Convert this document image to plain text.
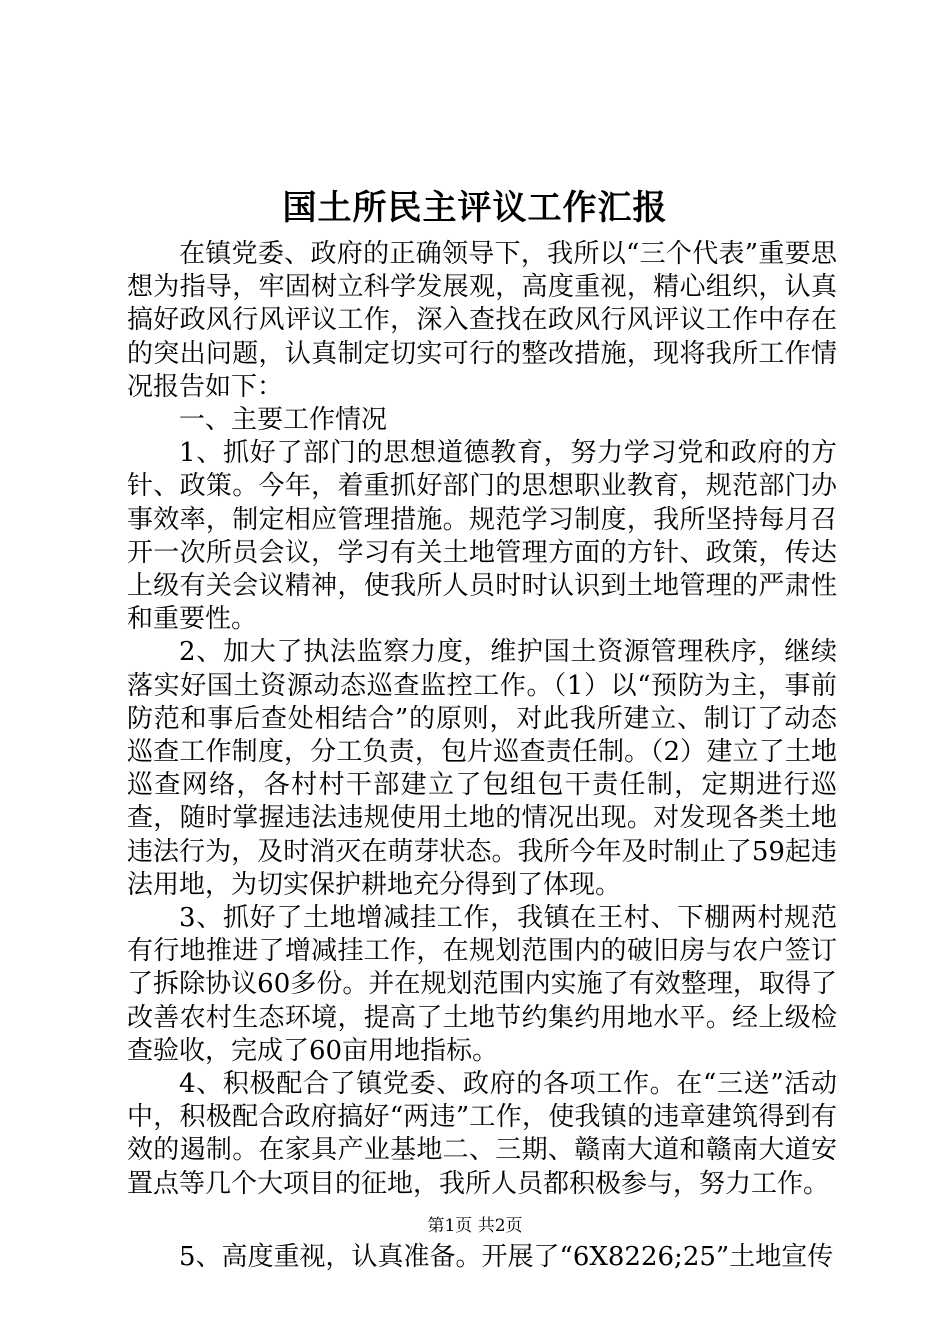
国土所民主评议工作汇报

在镇党委、政府的正确领导下，我所以“三个代表”重要思想为指导，牢固树立科学发展观，高度重视，精心组织，认真搞好政风行风评议工作，深入查找在政风行风评议工作中存在的突出问题，认真制定切实可行的整改措施，现将我所工作情况报告如下：

一、主要工作情况

1、抓好了部门的思想道德教育，努力学习党和政府的方针、政策。今年，着重抓好部门的思想职业教育，规范部门办事效率，制定相应管理措施。规范学习制度，我所坚持每月召开一次所员会议，学习有关土地管理方面的方针、政策，传达上级有关会议精神，使我所人员时时认识到土地管理的严肃性和重要性。

2、加大了执法监察力度，维护国土资源管理秩序，继续落实好国土资源动态巡查监控工作。（1）以“预防为主，事前防范和事后查处相结合”的原则，对此我所建立、制订了动态巡查工作制度，分工负责，包片巡查责任制。（2）建立了土地巡查网络，各村村干部建立了包组包干责任制，定期进行巡查，随时掌握违法违规使用土地的情况出现。对发现各类土地违法行为，及时消灭在萌芽状态。我所今年及时制止了59起违法用地，为切实保护耕地充分得到了体现。

3、抓好了土地增减挂工作，我镇在王村、下棚两村规范有行地推进了增减挂工作，在规划范围内的破旧房与农户签订了拆除协议60多份。并在规划范围内实施了有效整理，取得了改善农村生态环境，提高了土地节约集约用地水平。经上级检查验收，完成了60亩用地指标。

4、积极配合了镇党委、政府的各项工作。在“三送”活动中，积极配合政府搞好“两违”工作，使我镇的违章建筑得到有效的遏制。在家具产业基地二、三期、赣南大道和赣南大道安置点等几个大项目的征地，我所人员都积极参与，努力工作。

5、高度重视，认真准备。开展了“6X8226;25”土地宣传

第1页 共2页
